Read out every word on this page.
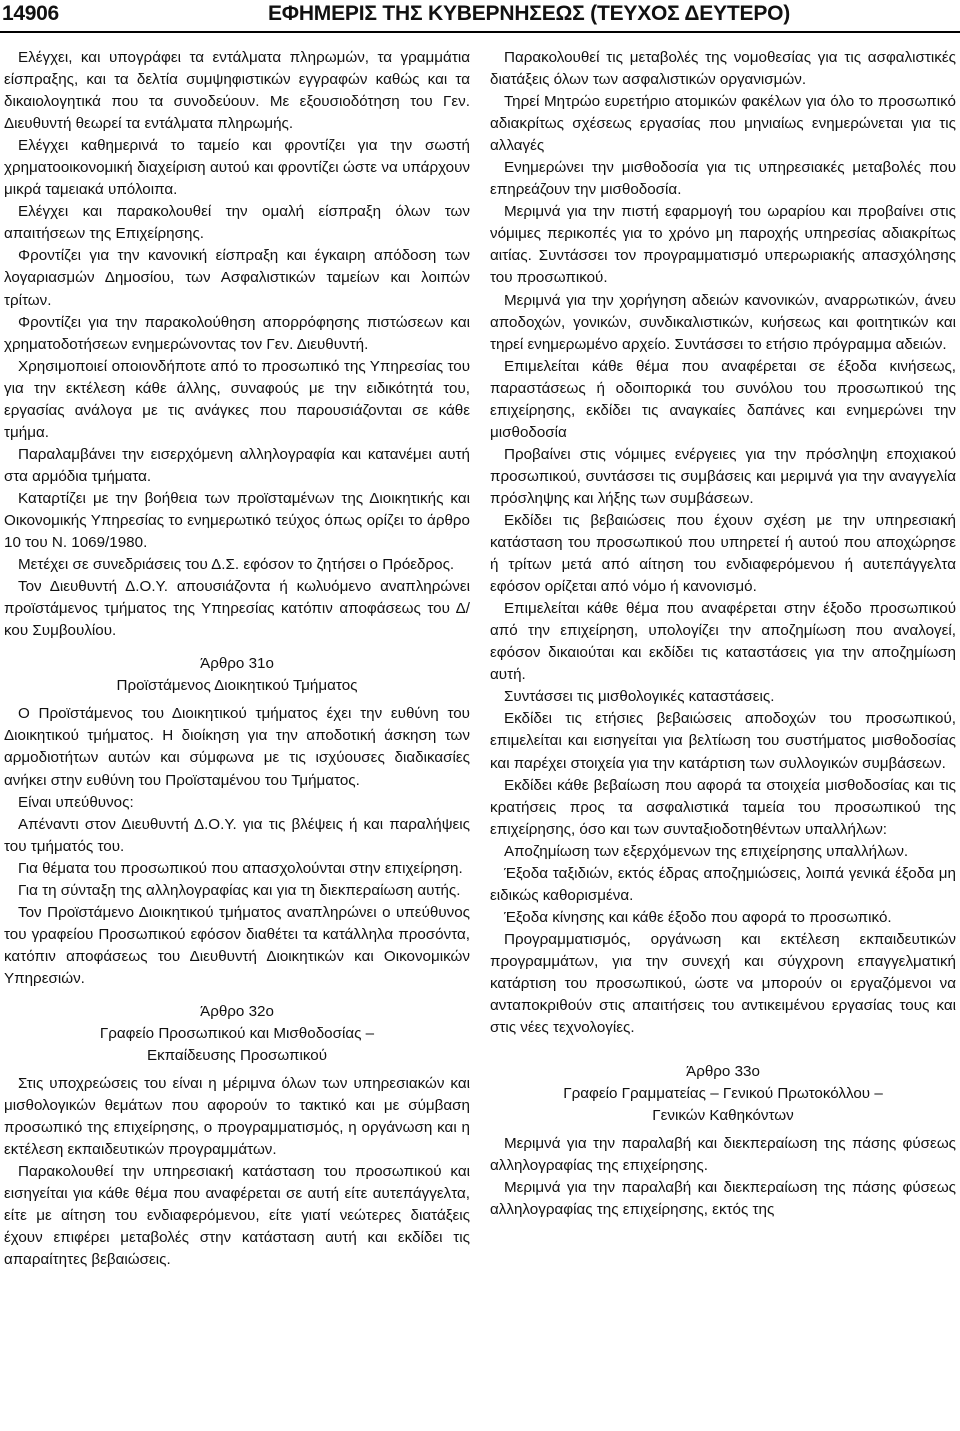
14906	ΕΦΗΜΕΡΙΣ ΤΗΣ ΚΥΒΕΡΝΗΣΕΩΣ (ΤΕΥΧΟΣ ΔΕΥΤΕΡΟ)

Ελέγχει, και υπογράφει τα εντάλματα πληρωμών, τα γραμμάτια είσπραξης, και τα δελτία συμψηφιστικών εγγραφών καθώς και τα δικαιολογητικά που τα συνοδεύουν. Με εξουσιοδότηση του Γεν. Διευθυντή θεωρεί τα εντάλματα πληρωμής.

Ελέγχει καθημερινά το ταμείο και φροντίζει για την σωστή χρηματοοικονομική διαχείριση αυτού και φροντίζει ώστε να υπάρχουν μικρά ταμειακά υπόλοιπα.

Ελέγχει και παρακολουθεί την ομαλή είσπραξη όλων των απαιτήσεων της Επιχείρησης.

Φροντίζει για την κανονική είσπραξη και έγκαιρη απόδοση των λογαριασμών Δημοσίου, των Ασφαλιστικών ταμείων και λοιπών τρίτων.

Φροντίζει για την παρακολούθηση απορρόφησης πιστώσεων και χρηματοδοτήσεων ενημερώνοντας τον Γεν. Διευθυντή.

Χρησιμοποιεί οποιονδήποτε από το προσωπικό της Υπηρεσίας του για την εκτέλεση κάθε άλλης, συναφούς με την ειδικότητά του, εργασίας ανάλογα με τις ανάγκες που παρουσιάζονται σε κάθε τμήμα.

Παραλαμβάνει την εισερχόμενη αλληλογραφία και κατανέμει αυτή στα αρμόδια τμήματα.

Καταρτίζει με την βοήθεια των προϊσταμένων της Διοικητικής και Οικονομικής Υπηρεσίας το ενημερωτικό τεύχος όπως ορίζει το άρθρο 10 του Ν. 1069/1980.

Μετέχει σε συνεδριάσεις του Δ.Σ. εφόσον το ζητήσει ο Πρόεδρος.

Τον Διευθυντή Δ.Ο.Υ. απουσιάζοντα ή κωλυόμενο αναπληρώνει προϊστάμενος τμήματος της Υπηρεσίας κατόπιν αποφάσεως του Δ/κου Συμβουλίου.

Άρθρο 31ο

Προϊστάμενος Διοικητικού Τμήματος

Ο Προϊστάμενος του Διοικητικού τμήματος έχει την ευθύνη του Διοικητικού τμήματος. Η διοίκηση για την αποδοτική άσκηση των αρμοδιοτήτων αυτών και σύμφωνα με τις ισχύουσες διαδικασίες ανήκει στην ευθύνη του Προϊσταμένου του Τμήματος.

Είναι υπεύθυνος:

Απέναντι στον Διευθυντή Δ.Ο.Υ. για τις βλέψεις ή και παραλήψεις του τμήματός του.

Για θέματα του προσωπικού που απασχολούνται στην επιχείρηση.

Για τη σύνταξη της αλληλογραφίας και για τη διεκπεραίωση αυτής.

Τον Προϊστάμενο Διοικητικού τμήματος αναπληρώνει ο υπεύθυνος του γραφείου Προσωπικού εφόσον διαθέτει τα κατάλληλα προσόντα, κατόπιν αποφάσεως του Διευθυντή Διοικητικών και Οικονομικών Υπηρεσιών.

Άρθρο 32ο

Γραφείο Προσωπικού και Μισθοδοσίας –

Εκπαίδευσης Προσωπικού

Στις υποχρεώσεις του είναι η μέριμνα όλων των υπηρεσιακών και μισθολογικών θεμάτων που αφορούν το τακτικό και με σύμβαση προσωπικό της επιχείρησης, ο προγραμματισμός, η οργάνωση και η εκτέλεση εκπαιδευτικών προγραμμάτων.

Παρακολουθεί την υπηρεσιακή κατάσταση του προσωπικού και εισηγείται για κάθε θέμα που αναφέρεται σε αυτή είτε αυτεπάγγελτα, είτε με αίτηση του ενδιαφερόμενου, είτε γιατί νεώτερες διατάξεις έχουν επιφέρει μεταβολές στην κατάσταση αυτή και εκδίδει τις απαραίτητες βεβαιώσεις.

Παρακολουθεί τις μεταβολές της νομοθεσίας για τις ασφαλιστικές διατάξεις όλων των ασφαλιστικών οργανισμών.

Τηρεί Μητρώο ευρετήριο ατομικών φακέλων για όλο το προσωπικό αδιακρίτως σχέσεως εργασίας που μηνιαίως ενημερώνεται για τις αλλαγές

Ενημερώνει την μισθοδοσία για τις υπηρεσιακές μεταβολές που επηρεάζουν την μισθοδοσία.

Μεριμνά για την πιστή εφαρμογή του ωραρίου και προβαίνει στις νόμιμες περικοπές για το χρόνο μη παροχής υπηρεσίας αδιακρίτως αιτίας. Συντάσσει τον προγραμματισμό υπερωριακής απασχόλησης του προσωπικού.

Μεριμνά για την χορήγηση αδειών κανονικών, αναρρωτικών, άνευ αποδοχών, γονικών, συνδικαλιστικών, κυήσεως και φοιτητικών και τηρεί ενημερωμένο αρχείο. Συντάσσει το ετήσιο πρόγραμμα αδειών.

Επιμελείται κάθε θέμα που αναφέρεται σε έξοδα κινήσεως, παραστάσεως ή οδοιπορικά του συνόλου του προσωπικού της επιχείρησης, εκδίδει τις αναγκαίες δαπάνες και ενημερώνει την μισθοδοσία

Προβαίνει στις νόμιμες ενέργειες για την πρόσληψη εποχιακού προσωπικού, συντάσσει τις συμβάσεις και μεριμνά για την αναγγελία πρόσληψης και λήξης των συμβάσεων.

Εκδίδει τις βεβαιώσεις που έχουν σχέση με την υπηρεσιακή κατάσταση του προσωπικού που υπηρετεί ή αυτού που αποχώρησε ή τρίτων μετά από αίτηση του ενδιαφερόμενου ή αυτεπάγγελτα εφόσον ορίζεται από νόμο ή κανονισμό.

Επιμελείται κάθε θέμα που αναφέρεται στην έξοδο προσωπικού από την επιχείρηση, υπολογίζει την αποζημίωση που αναλογεί, εφόσον δικαιούται και εκδίδει τις καταστάσεις για την αποζημίωση αυτή.

Συντάσσει τις μισθολογικές καταστάσεις.

Εκδίδει τις ετήσιες βεβαιώσεις αποδοχών του προσωπικού, επιμελείται και εισηγείται για βελτίωση του συστήματος μισθοδοσίας και παρέχει στοιχεία για την κατάρτιση των συλλογικών συμβάσεων.

Εκδίδει κάθε βεβαίωση που αφορά τα στοιχεία μισθοδοσίας και τις κρατήσεις προς τα ασφαλιστικά ταμεία του προσωπικού της επιχείρησης, όσο και των συνταξιοδοτηθέντων υπαλλήλων:

Αποζημίωση των εξερχόμενων της επιχείρησης υπαλλήλων.

Έξοδα ταξιδιών, εκτός έδρας αποζημιώσεις, λοιπά γενικά έξοδα μη ειδικώς καθορισμένα.

Έξοδα κίνησης και κάθε έξοδο που αφορά το προσωπικό.

Προγραμματισμός, οργάνωση και εκτέλεση εκπαιδευτικών προγραμμάτων, για την συνεχή και σύγχρονη επαγγελματική κατάρτιση του προσωπικού, ώστε να μπορούν οι εργαζόμενοι να ανταποκριθούν στις απαιτήσεις του αντικειμένου εργασίας τους και στις νέες τεχνολογίες.

Άρθρο 33ο

Γραφείο Γραμματείας – Γενικού Πρωτοκόλλου –

Γενικών Καθηκόντων

Μεριμνά για την παραλαβή και διεκπεραίωση της πάσης φύσεως αλληλογραφίας της επιχείρησης.

Μεριμνά για την παραλαβή και διεκπεραίωση της πάσης φύσεως αλληλογραφίας της επιχείρησης, εκτός της
